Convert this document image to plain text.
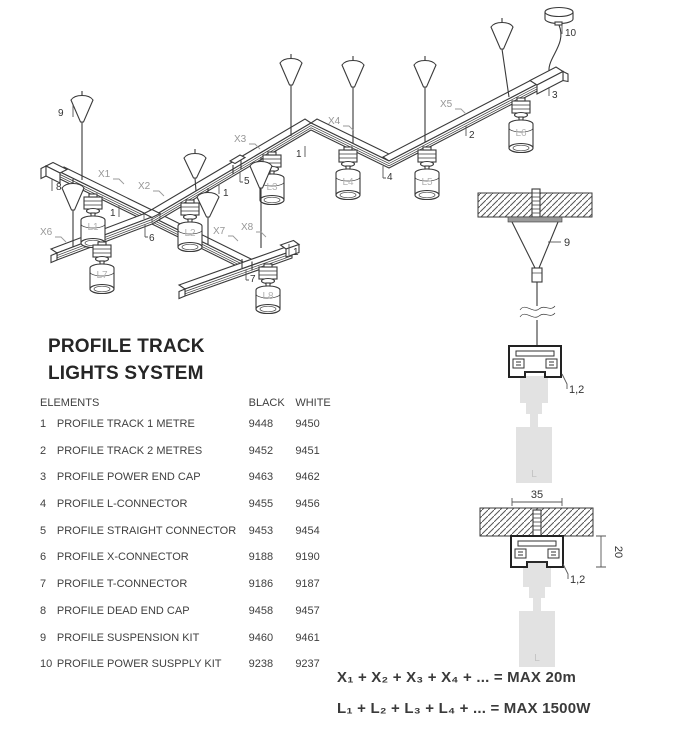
L1
L2
L3	L4	L5
L6
L7
L8
9
8
X1
X2
1
6
X6	X7 X8
7
1
5
1
X3
1
X4
4
X5
2
10
3
9
L
1,2
35
L
20
1,2
PROFILE TRACK
LIGHTS SYSTEM
ELEMENTS	BLACK WHITE
1 PROFILE TRACK 1 METRE	9448	9450
2 PROFILE TRACK 2 METRES	9452	9451
3 PROFILE POWER END CAP	9463	9462
4 PROFILE L-CONNECTOR	9455	9456
5 PROFILE STRAIGHT CONNECTOR	9453	9454
6 PROFILE X-CONNECTOR	9188	9190
7 PROFILE T-CONNECTOR	9186	9187
8 PROFILE DEAD END CAP	9458	9457
9 PROFILE SUSPENSION KIT	9460	9461
10 PROFILE POWER SUSPPLY KIT	9238	9237
X₁ + X₂ + X₃ + X₄ + ... = MAX 20m
L₁ + L₂ + L₃ + L₄ + ... = MAX 1500W
